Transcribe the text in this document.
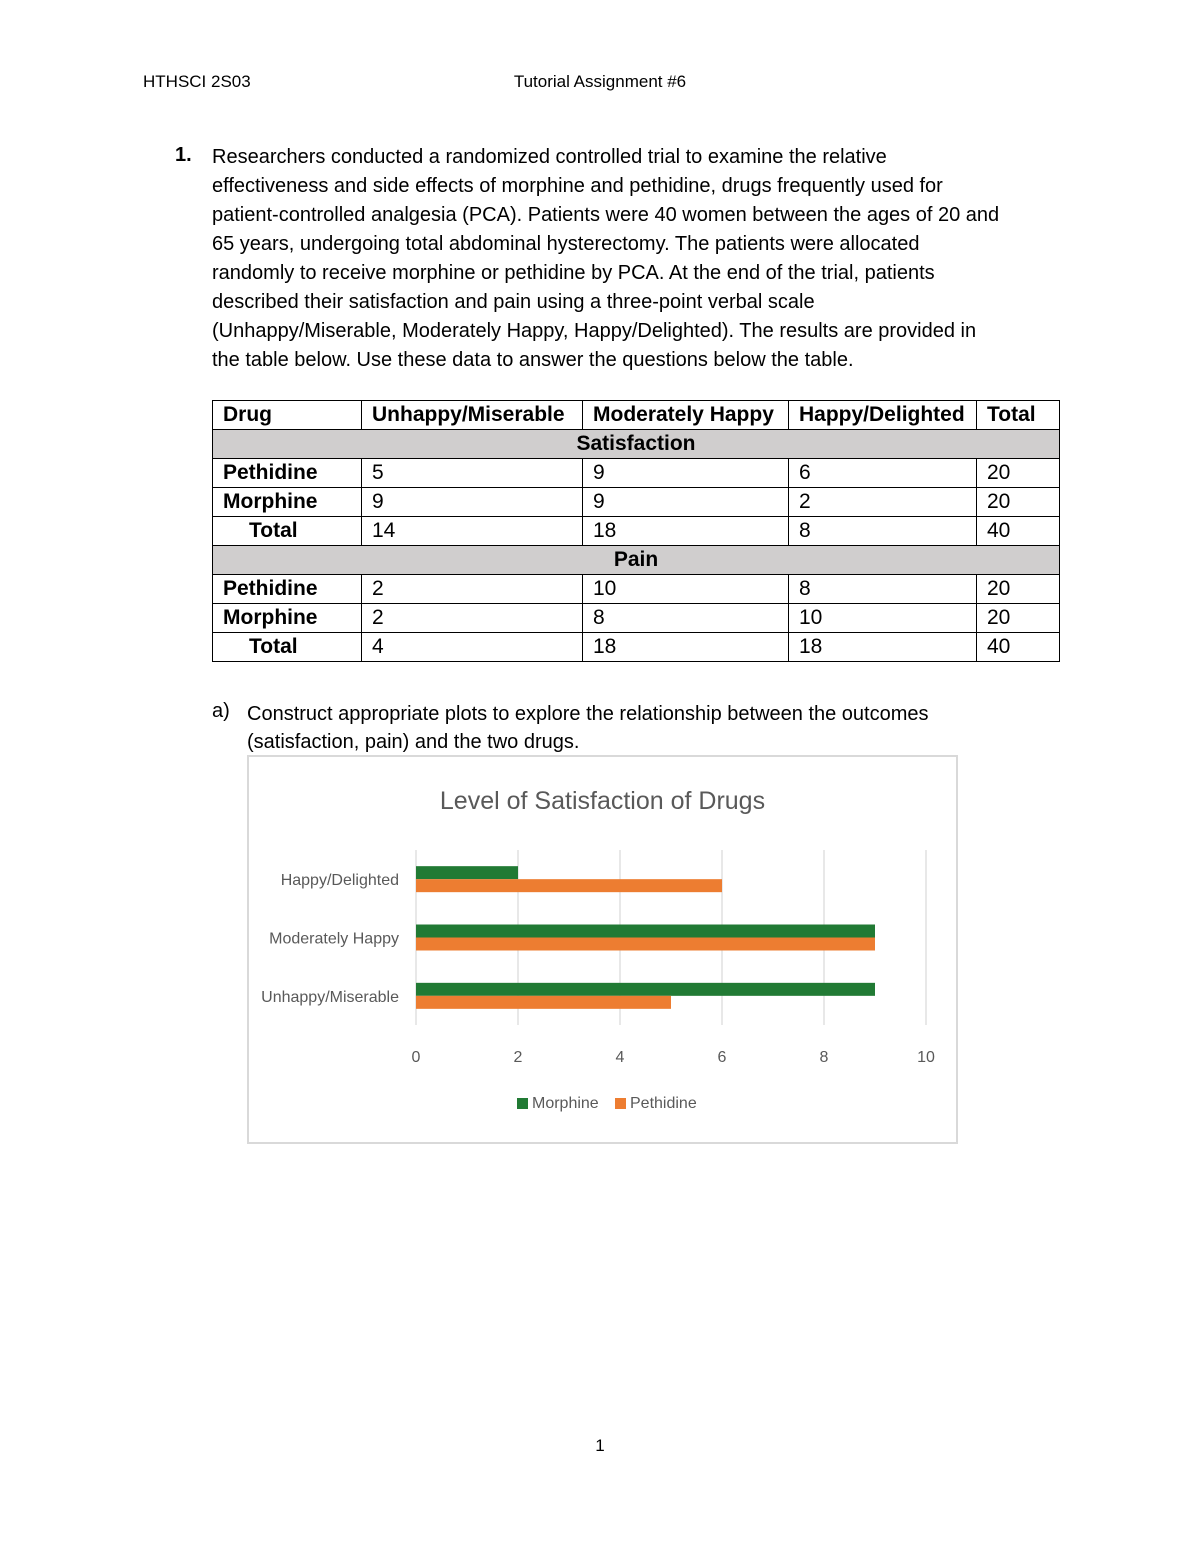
HTHSCI 2S03	Tutorial Assignment #6
1. Researchers conducted a randomized controlled trial to examine the relative
effectiveness and side effects of morphine and pethidine, drugs frequently used for
patient-controlled analgesia (PCA). Patients were 40 women between the ages of 20 and
65 years, undergoing total abdominal hysterectomy. The patients were allocated
randomly to receive morphine or pethidine by PCA. At the end of the trial, patients
described their satisfaction and pain using a three-point verbal scale
(Unhappy/Miserable, Moderately Happy, Happy/Delighted). The results are provided in
the table below. Use these data to answer the questions below the table.
Drug	Unhappy/Miserable	Moderately Happy	Happy/Delighted	Total
Satisfaction				
Pethidine	5	9	6	20
Morphine	9	9	2	20
Total	14	18	8	40
Pain				
Pethidine	2	10	8	20
Morphine	2	8	10	20
Total	4	18	18	40
a) Construct appropriate plots to explore the relationship between the outcomes
(satisfaction, pain) and the two drugs.
Level of Satisfaction of Drugs
0	2	4	6	8	10
Unhappy/Miserable
Moderately Happy
Happy/Delighted
Morphine Pethidine
1
